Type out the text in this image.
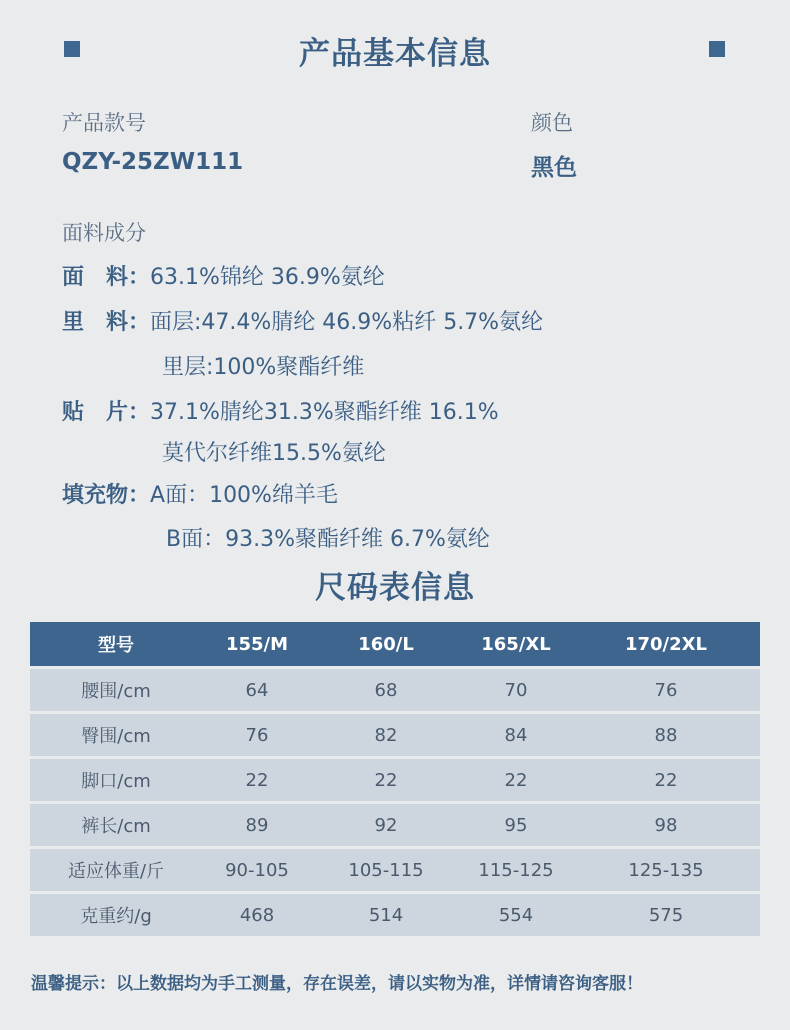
产品基本信息
产品款号	颜色
QZY-25ZW111	黑色
面料成分
面　料：63.1%锦纶 36.9%氨纶
里　料：面层:47.4%腈纶 46.9%粘纤 5.7%氨纶
里层:100%聚酯纤维
贴　片：37.1%腈纶31.3%聚酯纤维 16.1%
莫代尔纤维15.5%氨纶
填充物：A面：100%绵羊毛
B面：93.3%聚酯纤维 6.7%氨纶
尺码表信息
型号	155/M	160/L	165/XL	170/2XL
腰围/cm	64	68	70	76
臀围/cm	76	82	84	88
脚口/cm	22	22	22	22
裤长/cm	89	92	95	98
适应体重/斤	90-105	105-115	115-125	125-135
克重约/g	468	514	554	575
温馨提示：以上数据均为手工测量，存在误差，请以实物为准，详情请咨询客服！
